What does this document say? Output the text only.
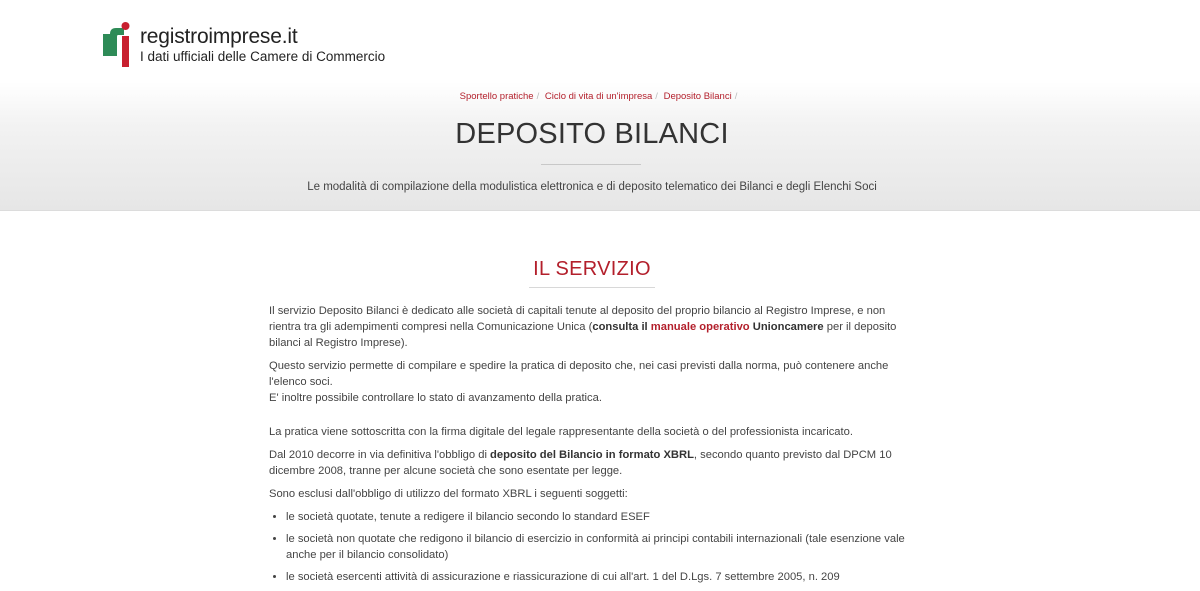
registroimprese.it
I dati ufficiali delle Camere di Commercio
Sportello pratiche / Ciclo di vita di un'impresa / Deposito Bilanci /
DEPOSITO BILANCI
Le modalità di compilazione della modulistica elettronica e di deposito telematico dei Bilanci e degli Elenchi Soci
IL SERVIZIO

Il servizio Deposito Bilanci è dedicato alle società di capitali tenute al deposito del proprio bilancio al Registro Imprese, e non rientra tra gli adempimenti compresi nella Comunicazione Unica (consulta il manuale operativo Unioncamere per il deposito bilanci al Registro Imprese).

Questo servizio permette di compilare e spedire la pratica di deposito che, nei casi previsti dalla norma, può contenere anche l'elenco soci.
E' inoltre possibile controllare lo stato di avanzamento della pratica.

La pratica viene sottoscritta con la firma digitale del legale rappresentante della società o del professionista incaricato.

Dal 2010 decorre in via definitiva l'obbligo di deposito del Bilancio in formato XBRL, secondo quanto previsto dal DPCM 10 dicembre 2008, tranne per alcune società che sono esentate per legge.

Sono esclusi dall'obbligo di utilizzo del formato XBRL i seguenti soggetti:

• le società quotate, tenute a redigere il bilancio secondo lo standard ESEF
• le società non quotate che redigono il bilancio di esercizio in conformità ai principi contabili internazionali (tale esenzione vale anche per il bilancio consolidato)
• le società esercenti attività di assicurazione e riassicurazione di cui all'art. 1 del D.Lgs. 7 settembre 2005, n. 209
